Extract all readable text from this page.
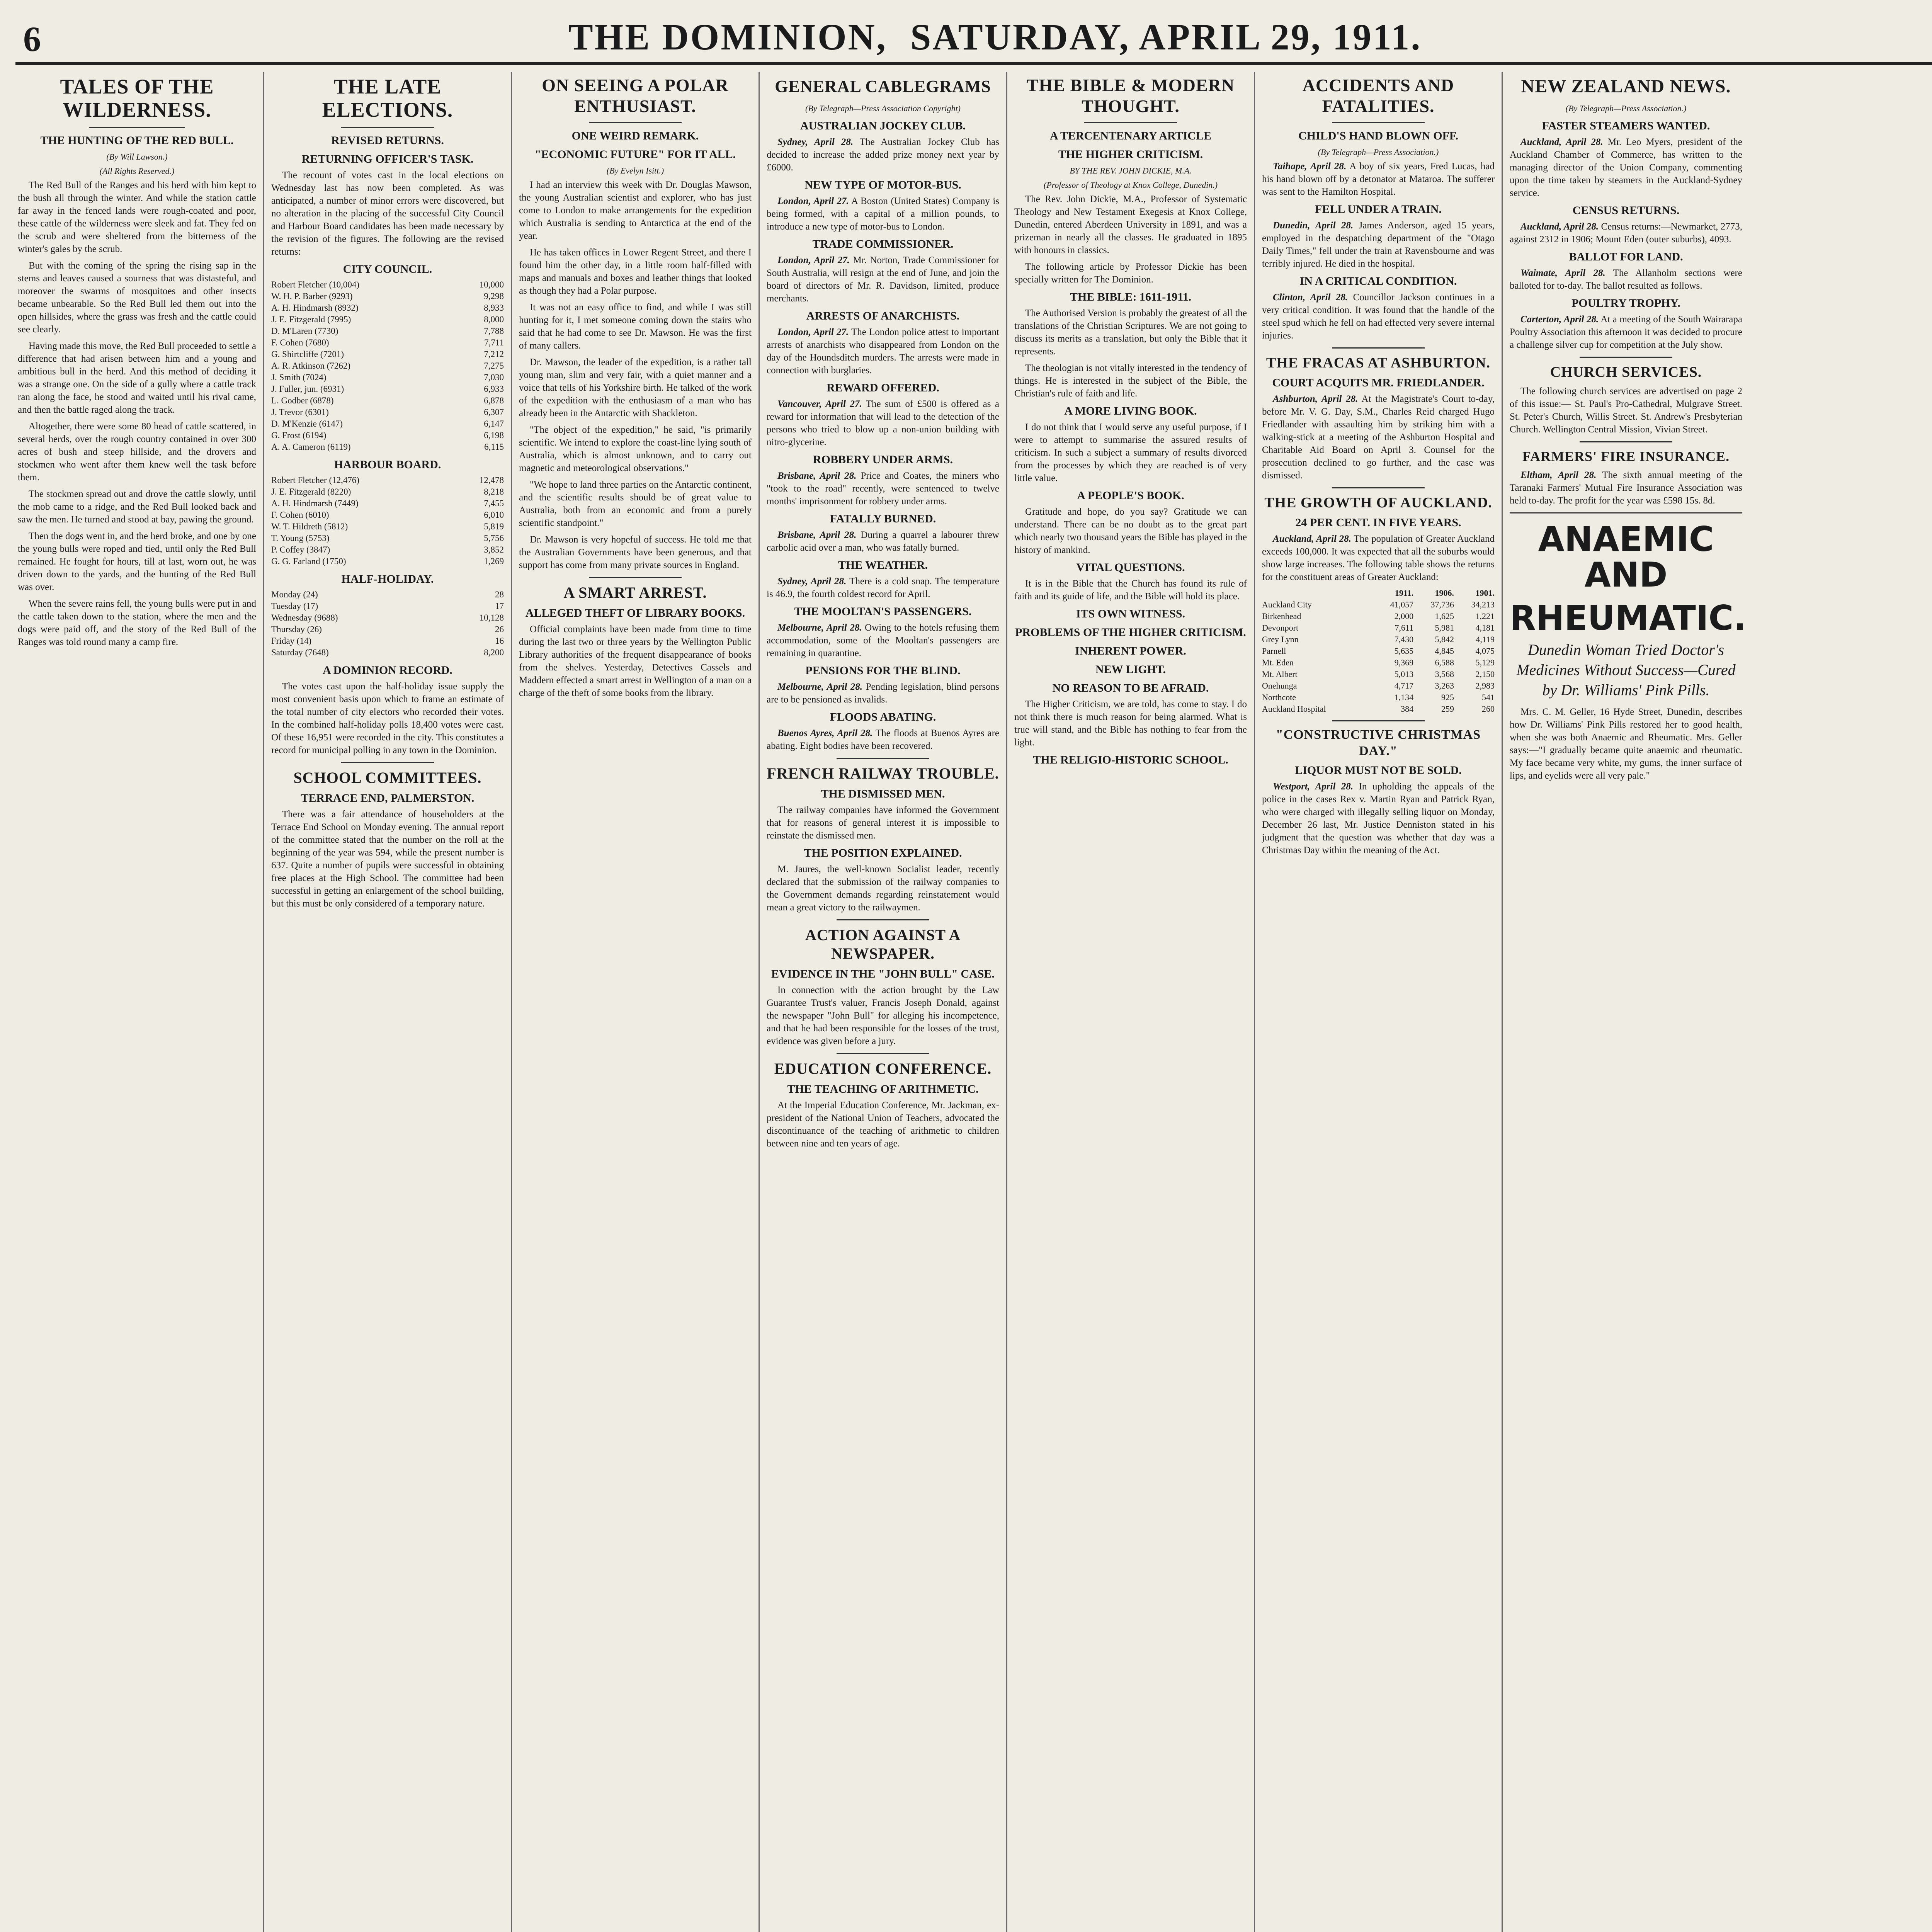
6	THE DOMINION, SATURDAY, APRIL 29, 1911.
TALES OF THE WILDERNESS.
THE HUNTING OF THE RED BULL.
(By Will Lawson.)
(All Rights Reserved.)

The Red Bull of the Ranges and his herd with him kept to the bush all through the winter. And while the station cattle far away in the fenced lands were rough-coated and poor, these cattle of the wilderness were sleek and fat. They fed on the scrub and were sheltered from the bitterness of the winter's gales by the scrub.

But with the coming of the spring the rising sap in the stems and leaves caused a sourness that was distasteful, and moreover the swarms of mosquitoes and other insects became unbearable. So the Red Bull led them out into the open hillsides, where the grass was fresh and the cattle could see clearly.

Having made this move, the Red Bull proceeded to settle a difference that had arisen between him and a young and ambitious bull in the herd. And this method of deciding it was a strange one. On the side of a gully where a cattle track ran along the face, he stood and waited until his rival came, and then the battle raged along the track.

Altogether, there were some 80 head of cattle scattered, in several herds, over the rough country contained in over 300 acres of bush and steep hillside, and the drovers and stockmen who went after them knew well the task before them.

The stockmen spread out and drove the cattle slowly, until the mob came to a ridge, and the Red Bull looked back and saw the men. He turned and stood at bay, pawing the ground.

Then the dogs went in, and the herd broke, and one by one the young bulls were roped and tied, until only the Red Bull remained. He fought for hours, till at last, worn out, he was driven down to the yards, and the hunting of the Red Bull was over.

When the severe rains fell, the young bulls were put in and the cattle taken down to the station, where the men and the dogs were paid off, and the story of the Red Bull of the Ranges was told round many a camp fire.

THE LATE ELECTIONS.
REVISED RETURNS.
RETURNING OFFICER'S TASK.

The recount of votes cast in the local elections on Wednesday last has now been completed. As was anticipated, a number of minor errors were discovered, but no alteration in the placing of the successful City Council and Harbour Board candidates has been made necessary by the revision of the figures. The following are the revised returns:

CITY COUNCIL.
Robert Fletcher (10,004)	10,000
W. H. P. Barber (9293)	9,298
A. H. Hindmarsh (8932)	8,933
J. E. Fitzgerald (7995)	8,000
D. M'Laren (7730)	7,788
F. Cohen (7680)	7,711
G. Shirtcliffe (7201)	7,212
A. R. Atkinson (7262)	7,275
J. Smith (7024)	7,030
J. Fuller, jun. (6931)	6,933
L. Godber (6878)	6,878
J. Trevor (6301)	6,307
D. M'Kenzie (6147)	6,147
G. Frost (6194)	6,198
A. A. Cameron (6119)	6,115
HARBOUR BOARD.
Robert Fletcher (12,476)	12,478
J. E. Fitzgerald (8220)	8,218
A. H. Hindmarsh (7449)	7,455
F. Cohen (6010)	6,010
W. T. Hildreth (5812)	5,819
T. Young (5753)	5,756
P. Coffey (3847)	3,852
G. G. Farland (1750)	1,269
HALF-HOLIDAY.
Monday (24)	28
Tuesday (17)	17
Wednesday (9688)	10,128
Thursday (26)	26
Friday (14)	16
Saturday (7648)	8,200
A DOMINION RECORD.

The votes cast upon the half-holiday issue supply the most convenient basis upon which to frame an estimate of the total number of city electors who recorded their votes. In the combined half-holiday polls 18,400 votes were cast. Of these 16,951 were recorded in the city. This constitutes a record for municipal polling in any town in the Dominion.

SCHOOL COMMITTEES.
TERRACE END, PALMERSTON.

There was a fair attendance of householders at the Terrace End School on Monday evening. The annual report of the committee stated that the number on the roll at the beginning of the year was 594, while the present number is 637. Quite a number of pupils were successful in obtaining free places at the High School. The committee had been successful in getting an enlargement of the school building, but this must be only considered of a temporary nature.

ON SEEING A POLAR ENTHUSIAST.
ONE WEIRD REMARK.
"ECONOMIC FUTURE" FOR IT ALL.
(By Evelyn Isitt.)

I had an interview this week with Dr. Douglas Mawson, the young Australian scientist and explorer, who has just come to London to make arrangements for the expedition which Australia is sending to Antarctica at the end of the year.

He has taken offices in Lower Regent Street, and there I found him the other day, in a little room half-filled with maps and manuals and boxes and leather things that looked as though they had a Polar purpose.

It was not an easy office to find, and while I was still hunting for it, I met someone coming down the stairs who said that he had come to see Dr. Mawson. He was the first of many callers.

Dr. Mawson, the leader of the expedition, is a rather tall young man, slim and very fair, with a quiet manner and a voice that tells of his Yorkshire birth. He talked of the work of the expedition with the enthusiasm of a man who has already been in the Antarctic with Shackleton.

"The object of the expedition," he said, "is primarily scientific. We intend to explore the coast-line lying south of Australia, which is almost unknown, and to carry out magnetic and meteorological observations."

"We hope to land three parties on the Antarctic continent, and the scientific results should be of great value to Australia, both from an economic and from a purely scientific standpoint."

Dr. Mawson is very hopeful of success. He told me that the Australian Governments have been generous, and that support has come from many private sources in England.

A SMART ARREST.
ALLEGED THEFT OF LIBRARY BOOKS.

Official complaints have been made from time to time during the last two or three years by the Wellington Public Library authorities of the frequent disappearance of books from the shelves. Yesterday, Detectives Cassels and Maddern effected a smart arrest in Wellington of a man on a charge of the theft of some books from the library.

GENERAL CABLEGRAMS
(By Telegraph—Press Association Copyright)
AUSTRALIAN JOCKEY CLUB.

Sydney, April 28. The Australian Jockey Club has decided to increase the added prize money next year by £6000.

NEW TYPE OF MOTOR-BUS.

London, April 27. A Boston (United States) Company is being formed, with a capital of a million pounds, to introduce a new type of motor-bus to London.

TRADE COMMISSIONER.

London, April 27. Mr. Norton, Trade Commissioner for South Australia, will resign at the end of June, and join the board of directors of Mr. R. Davidson, limited, produce merchants.

ARRESTS OF ANARCHISTS.

London, April 27. The London police attest to important arrests of anarchists who disappeared from London on the day of the Houndsditch murders. The arrests were made in connection with burglaries.

REWARD OFFERED.

Vancouver, April 27. The sum of £500 is offered as a reward for information that will lead to the detection of the persons who tried to blow up a non-union building with nitro-glycerine.

ROBBERY UNDER ARMS.

Brisbane, April 28. Price and Coates, the miners who "took to the road" recently, were sentenced to twelve months' imprisonment for robbery under arms.

FATALLY BURNED.

Brisbane, April 28. During a quarrel a labourer threw carbolic acid over a man, who was fatally burned.

THE WEATHER.

Sydney, April 28. There is a cold snap. The temperature is 46.9, the fourth coldest record for April.

THE MOOLTAN'S PASSENGERS.

Melbourne, April 28. Owing to the hotels refusing them accommodation, some of the Mooltan's passengers are remaining in quarantine.

PENSIONS FOR THE BLIND.

Melbourne, April 28. Pending legislation, blind persons are to be pensioned as invalids.

FLOODS ABATING.

Buenos Ayres, April 28. The floods at Buenos Ayres are abating. Eight bodies have been recovered.

FRENCH RAILWAY TROUBLE.
THE DISMISSED MEN.

The railway companies have informed the Government that for reasons of general interest it is impossible to reinstate the dismissed men.

THE POSITION EXPLAINED.

M. Jaures, the well-known Socialist leader, recently declared that the submission of the railway companies to the Government demands regarding reinstatement would mean a great victory to the railwaymen.

ACTION AGAINST A NEWSPAPER.
EVIDENCE IN THE "JOHN BULL" CASE.

In connection with the action brought by the Law Guarantee Trust's valuer, Francis Joseph Donald, against the newspaper "John Bull" for alleging his incompetence, and that he had been responsible for the losses of the trust, evidence was given before a jury.

EDUCATION CONFERENCE.
THE TEACHING OF ARITHMETIC.

At the Imperial Education Conference, Mr. Jackman, ex-president of the National Union of Teachers, advocated the discontinuance of the teaching of arithmetic to children between nine and ten years of age.

THE BIBLE & MODERN THOUGHT.
A TERCENTENARY ARTICLE
THE HIGHER CRITICISM.
BY THE REV. JOHN DICKIE, M.A.
(Professor of Theology at Knox College, Dunedin.)

The Rev. John Dickie, M.A., Professor of Systematic Theology and New Testament Exegesis at Knox College, Dunedin, entered Aberdeen University in 1891, and was a prizeman in nearly all the classes. He graduated in 1895 with honours in classics.

The following article by Professor Dickie has been specially written for The Dominion.

THE BIBLE: 1611-1911.

The Authorised Version is probably the greatest of all the translations of the Christian Scriptures. We are not going to discuss its merits as a translation, but only the Bible that it represents.

The theologian is not vitally interested in the tendency of things. He is interested in the subject of the Bible, the Christian's rule of faith and life.

A MORE LIVING BOOK.

I do not think that I would serve any useful purpose, if I were to attempt to summarise the assured results of criticism. In such a subject a summary of results divorced from the processes by which they are reached is of very little value.

A PEOPLE'S BOOK.

Gratitude and hope, do you say? Gratitude we can understand. There can be no doubt as to the great part which nearly two thousand years the Bible has played in the history of mankind.

VITAL QUESTIONS.

It is in the Bible that the Church has found its rule of faith and its guide of life, and the Bible will hold its place.

ITS OWN WITNESS.
PROBLEMS OF THE HIGHER CRITICISM.
INHERENT POWER.
NEW LIGHT.
NO REASON TO BE AFRAID.

The Higher Criticism, we are told, has come to stay. I do not think there is much reason for being alarmed. What is true will stand, and the Bible has nothing to fear from the light.

THE RELIGIO-HISTORIC SCHOOL.
ACCIDENTS AND FATALITIES.
CHILD'S HAND BLOWN OFF.
(By Telegraph—Press Association.)

Taihape, April 28. A boy of six years, Fred Lucas, had his hand blown off by a detonator at Mataroa. The sufferer was sent to the Hamilton Hospital.

FELL UNDER A TRAIN.

Dunedin, April 28. James Anderson, aged 15 years, employed in the despatching department of the "Otago Daily Times," fell under the train at Ravensbourne and was terribly injured. He died in the hospital.

IN A CRITICAL CONDITION.

Clinton, April 28. Councillor Jackson continues in a very critical condition. It was found that the handle of the steel spud which he fell on had effected very severe internal injuries.

THE FRACAS AT ASHBURTON.
COURT ACQUITS MR. FRIEDLANDER.

Ashburton, April 28. At the Magistrate's Court to-day, before Mr. V. G. Day, S.M., Charles Reid charged Hugo Friedlander with assaulting him by striking him with a walking-stick at a meeting of the Ashburton Hospital and Charitable Aid Board on April 3. Counsel for the prosecution declined to go further, and the case was dismissed.

THE GROWTH OF AUCKLAND.
24 PER CENT. IN FIVE YEARS.

Auckland, April 28. The population of Greater Auckland exceeds 100,000. It was expected that all the suburbs would show large increases. The following table shows the returns for the constituent areas of Greater Auckland:

	1911.	1906.	1901.
Auckland City	41,057	37,736	34,213
Birkenhead	2,000	1,625	1,221
Devonport	7,611	5,981	4,181
Grey Lynn	7,430	5,842	4,119
Parnell	5,635	4,845	4,075
Mt. Eden	9,369	6,588	5,129
Mt. Albert	5,013	3,568	2,150
Onehunga	4,717	3,263	2,983
Northcote	1,134	925	541
Auckland Hospital	384	259	260
"CONSTRUCTIVE CHRISTMAS DAY."
LIQUOR MUST NOT BE SOLD.

Westport, April 28. In upholding the appeals of the police in the cases Rex v. Martin Ryan and Patrick Ryan, who were charged with illegally selling liquor on Monday, December 26 last, Mr. Justice Denniston stated in his judgment that the question was whether that day was a Christmas Day within the meaning of the Act.

NEW ZEALAND NEWS.
(By Telegraph—Press Association.)
FASTER STEAMERS WANTED.

Auckland, April 28. Mr. Leo Myers, president of the Auckland Chamber of Commerce, has written to the managing director of the Union Company, commenting upon the time taken by steamers in the Auckland-Sydney service.

CENSUS RETURNS.

Auckland, April 28. Census returns:—Newmarket, 2773, against 2312 in 1906; Mount Eden (outer suburbs), 4093.

BALLOT FOR LAND.

Waimate, April 28. The Allanholm sections were balloted for to-day. The ballot resulted as follows.

POULTRY TROPHY.

Carterton, April 28. At a meeting of the South Wairarapa Poultry Association this afternoon it was decided to procure a challenge silver cup for competition at the July show.

CHURCH SERVICES.

The following church services are advertised on page 2 of this issue:— St. Paul's Pro-Cathedral, Mulgrave Street. St. Peter's Church, Willis Street. St. Andrew's Presbyterian Church. Wellington Central Mission, Vivian Street.

FARMERS' FIRE INSURANCE.

Eltham, April 28. The sixth annual meeting of the Taranaki Farmers' Mutual Fire Insurance Association was held to-day. The profit for the year was £598 15s. 8d.

ANAEMIC AND
RHEUMATIC.
Dunedin Woman Tried Doctor's Medicines Without Success—Cured by Dr. Williams' Pink Pills.

Mrs. C. M. Geller, 16 Hyde Street, Dunedin, describes how Dr. Williams' Pink Pills restored her to good health, when she was both Anaemic and Rheumatic. Mrs. Geller says:—"I gradually became quite anaemic and rheumatic. My face became very white, my gums, the inner surface of lips, and eyelids were all very pale."
